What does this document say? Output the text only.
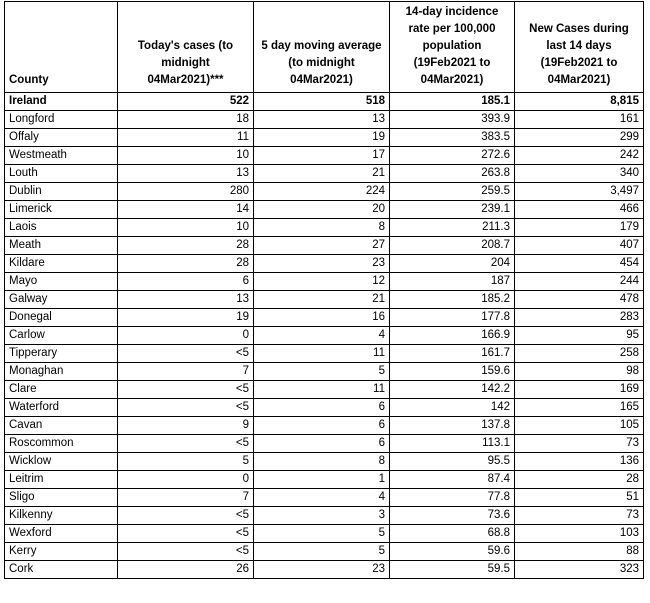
County	Today's cases (to midnight 04Mar2021)***	5 day moving average (to midnight 04Mar2021)	14-day incidence rate per 100,000 population (19Feb2021 to 04Mar2021)	New Cases during last 14 days (19Feb2021 to 04Mar2021)
Ireland	522	518	185.1	8,815
Longford	18	13	393.9	161
Offaly	11	19	383.5	299
Westmeath	10	17	272.6	242
Louth	13	21	263.8	340
Dublin	280	224	259.5	3,497
Limerick	14	20	239.1	466
Laois	10	8	211.3	179
Meath	28	27	208.7	407
Kildare	28	23	204	454
Mayo	6	12	187	244
Galway	13	21	185.2	478
Donegal	19	16	177.8	283
Carlow	0	4	166.9	95
Tipperary	<5	11	161.7	258
Monaghan	7	5	159.6	98
Clare	<5	11	142.2	169
Waterford	<5	6	142	165
Cavan	9	6	137.8	105
Roscommon	<5	6	113.1	73
Wicklow	5	8	95.5	136
Leitrim	0	1	87.4	28
Sligo	7	4	77.8	51
Kilkenny	<5	3	73.6	73
Wexford	<5	5	68.8	103
Kerry	<5	5	59.6	88
Cork	26	23	59.5	323
